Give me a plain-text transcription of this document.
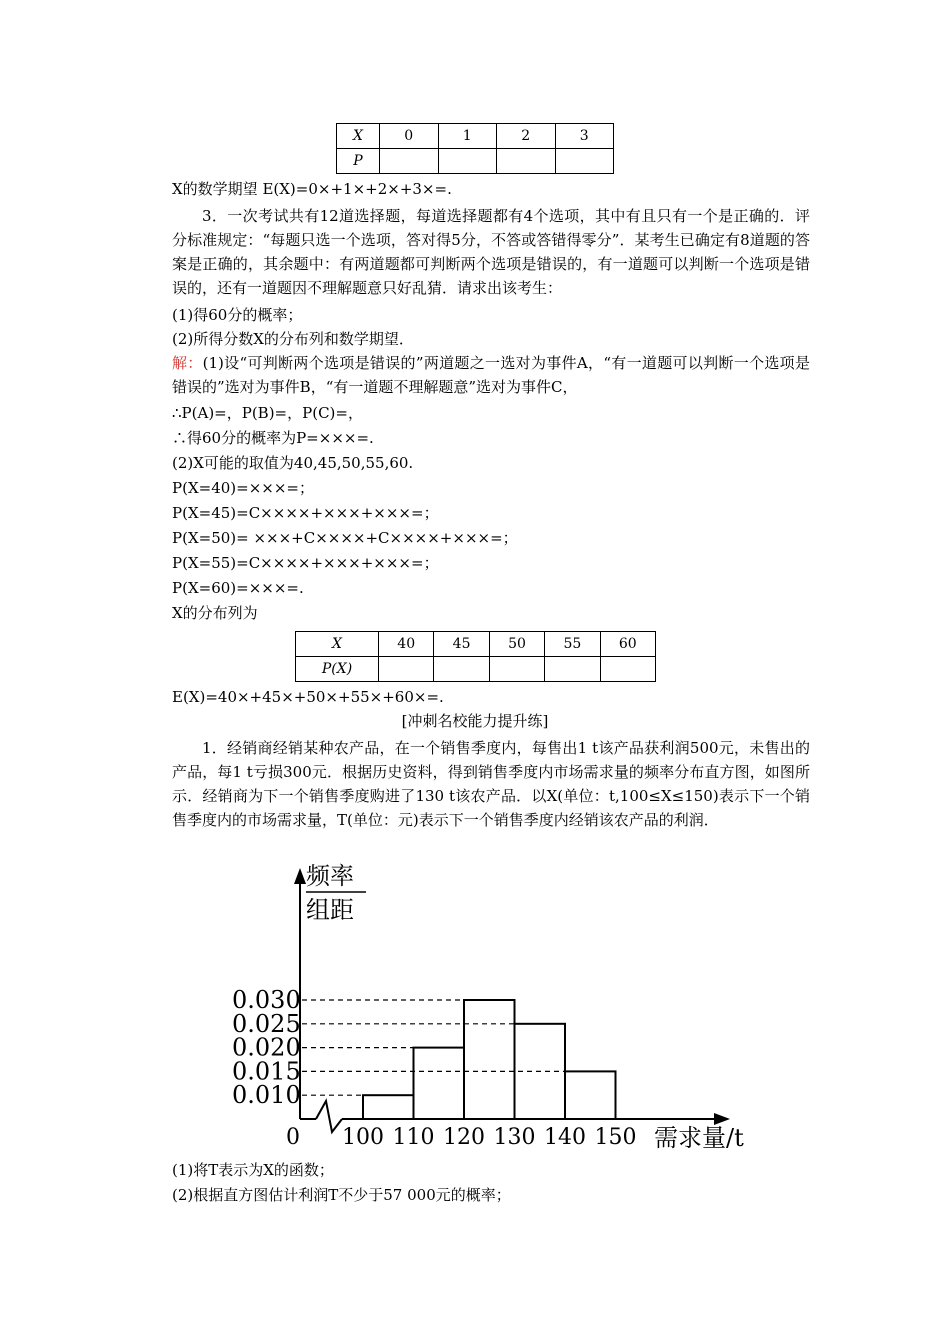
X	0	1	2	3
P				
X的数学期望 E(X)=0×+1×+2×+3×=.
3．一次考试共有12道选择题，每道选择题都有4个选项，其中有且只有一个是正确的．评分标准规定：“每题只选一个选项，答对得5分，不答或答错得零分”．某考生已确定有8道题的答案是正确的，其余题中：有两道题都可判断两个选项是错误的，有一道题可以判断一个选项是错误的，还有一道题因不理解题意只好乱猜．请求出该考生：
(1)得60分的概率；
(2)所得分数X的分布列和数学期望．
解：(1)设“可判断两个选项是错误的”两道题之一选对为事件A，“有一道题可以判断一个选项是错误的”选对为事件B，“有一道题不理解题意”选对为事件C，
∴P(A)=，P(B)=，P(C)=，
∴得60分的概率为P=×××=.
(2)X可能的取值为40,45,50,55,60.
P(X=40)=×××=；
P(X=45)=C××××+×××+×××=；
P(X=50)= ×××+C××××+C××××+×××=；
P(X=55)=C××××+×××+×××=；
P(X=60)=×××=.
X的分布列为
X	40	45	50	55	60
P(X)					
E(X)=40×+45×+50×+55×+60×=.
[冲刺名校能力提升练]
1．经销商经销某种农产品，在一个销售季度内，每售出1 t该产品获利润500元，未售出的产品，每1 t亏损300元．根据历史资料，得到销售季度内市场需求量的频率分布直方图，如图所示．经销商为下一个销售季度购进了130 t该农产品．以X(单位：t,100≤X≤150)表示下一个销售季度内的市场需求量，T(单位：元)表示下一个销售季度内经销该农产品的利润．
频率
组距
0	需求量/t
0.010
0.015
0.020
0.025
0.030
100 110 120 130 140 150
(1)将T表示为X的函数；
(2)根据直方图估计利润T不少于57 000元的概率；
